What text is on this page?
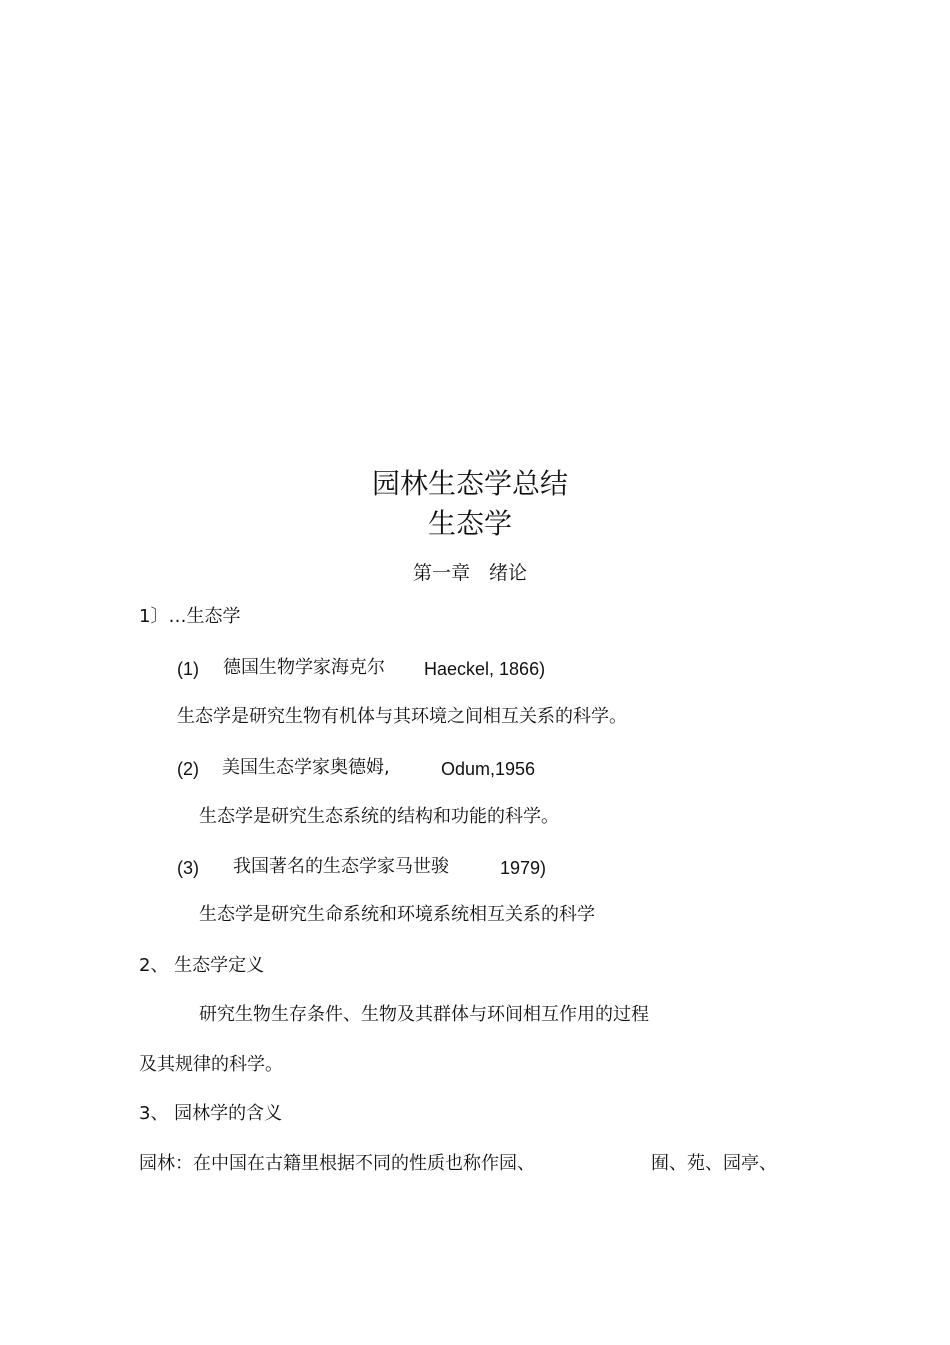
园林生态学总结
生态学
第一章　绪论
1〕…生态学
(1) 德国生物学家海克尔 Haeckel, 1866)
生态学是研究生物有机体与其环境之间相互关系的科学。
(2) 美国生态学家奥德姆,	Odum,1956
生态学是研究生态系统的结构和功能的科学。
(3) 我国著名的生态学家马世骏	1979)
生态学是研究生命系统和环境系统相互关系的科学
2、 生态学定义
研究生物生存条件、生物及其群体与环间相互作用的过程
及其规律的科学。
3、 园林学的含义
园林：在中国在古籍里根据不同的性质也称作园、	囿、苑、园亭、
